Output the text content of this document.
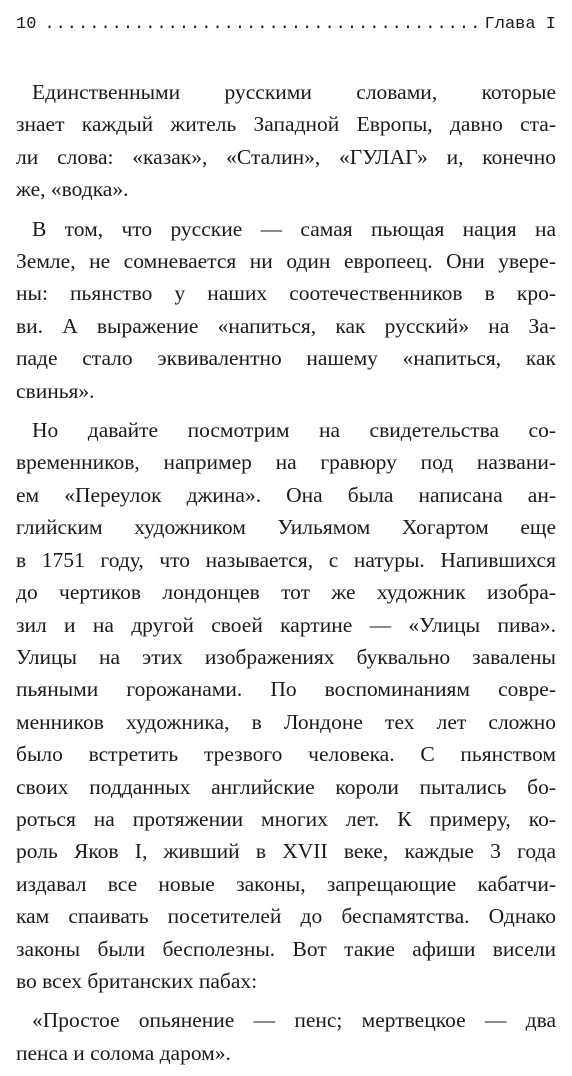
10
.....	Глава I
Единственными русскими словами, которые
знает каждый житель Западной Европы, давно ста-
ли слова: «казак», «Сталин», «ГУЛАГ» и, конечно
же, «водка».
В том, что русские — самая пьющая нация на
Земле, не сомневается ни один европеец. Они увере-
ны: пьянство у наших соотечественников в кро-
ви. А выражение «напиться, как русский» на За-
паде стало эквивалентно нашему «напиться, как
свинья».
Но давайте посмотрим на свидетельства со-
временников, например на гравюру под названи-
ем «Переулок джина». Она была написана ан-
глийским художником Уильямом Хогартом еще
в 1751 году, что называется, с натуры. Напившихся
до чертиков лондонцев тот же художник изобра-
зил и на другой своей картине — «Улицы пива».
Улицы на этих изображениях буквально завалены
пьяными горожанами. По воспоминаниям совре-
менников художника, в Лондоне тех лет сложно
было встретить трезвого человека. С пьянством
своих подданных английские короли пытались бо-
роться на протяжении многих лет. К примеру, ко-
роль Яков I, живший в XVII веке, каждые 3 года
издавал все новые законы, запрещающие кабатчи-
кам спаивать посетителей до беспамятства. Однако
законы были бесполезны. Вот такие афиши висели
во всех британских пабах:
«Простое опьянение — пенс; мертвецкое — два
пенса и солома даром».
